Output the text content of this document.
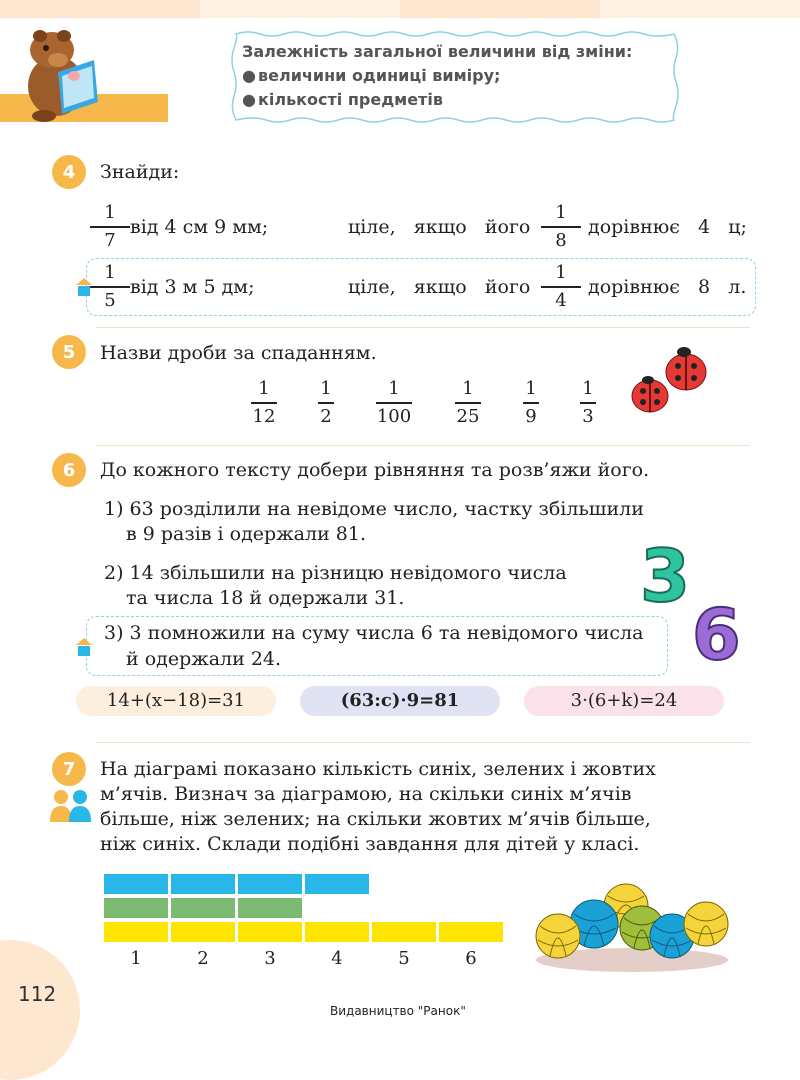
Залежність загальної величини від зміни:
● величини одиниці виміру;
● кількості предметів
4	Знайди:
1
7
від 4 см 9 мм;	ціле,   якщо   його
1
8
дорівнює   4   ц;
1
5
від 3 м 5 дм;	ціле,   якщо   його
1
4
дорівнює   8   л.
5	Назви дроби за спаданням.
1
12
1
2
1
100
1
25
1
9
1
3
6	До кожного тексту добери рівняння та розв’яжи його.
1) 63 розділили на невідоме число, частку збільшили
в 9 разів і одержали 81.
2) 14 збільшили на різницю невідомого числа
та числа 18 й одержали 31.
3) 3 помножили на суму числа 6 та невідомого числа
й одержали 24.
3
6
14+(x−18)=31	(63:c)·9=81	3·(6+k)=24
7	На діаграмі показано кількість синіх, зелених і жовтих
м’ячів. Визнач за діаграмою, на скільки синіх м’ячів
більше, ніж зелених; на скільки жовтих м’ячів більше,
ніж синіх. Склади подібні завдання для дітей у класі.
1	2	3	4	5	6
112
Видавництво "Ранок"
